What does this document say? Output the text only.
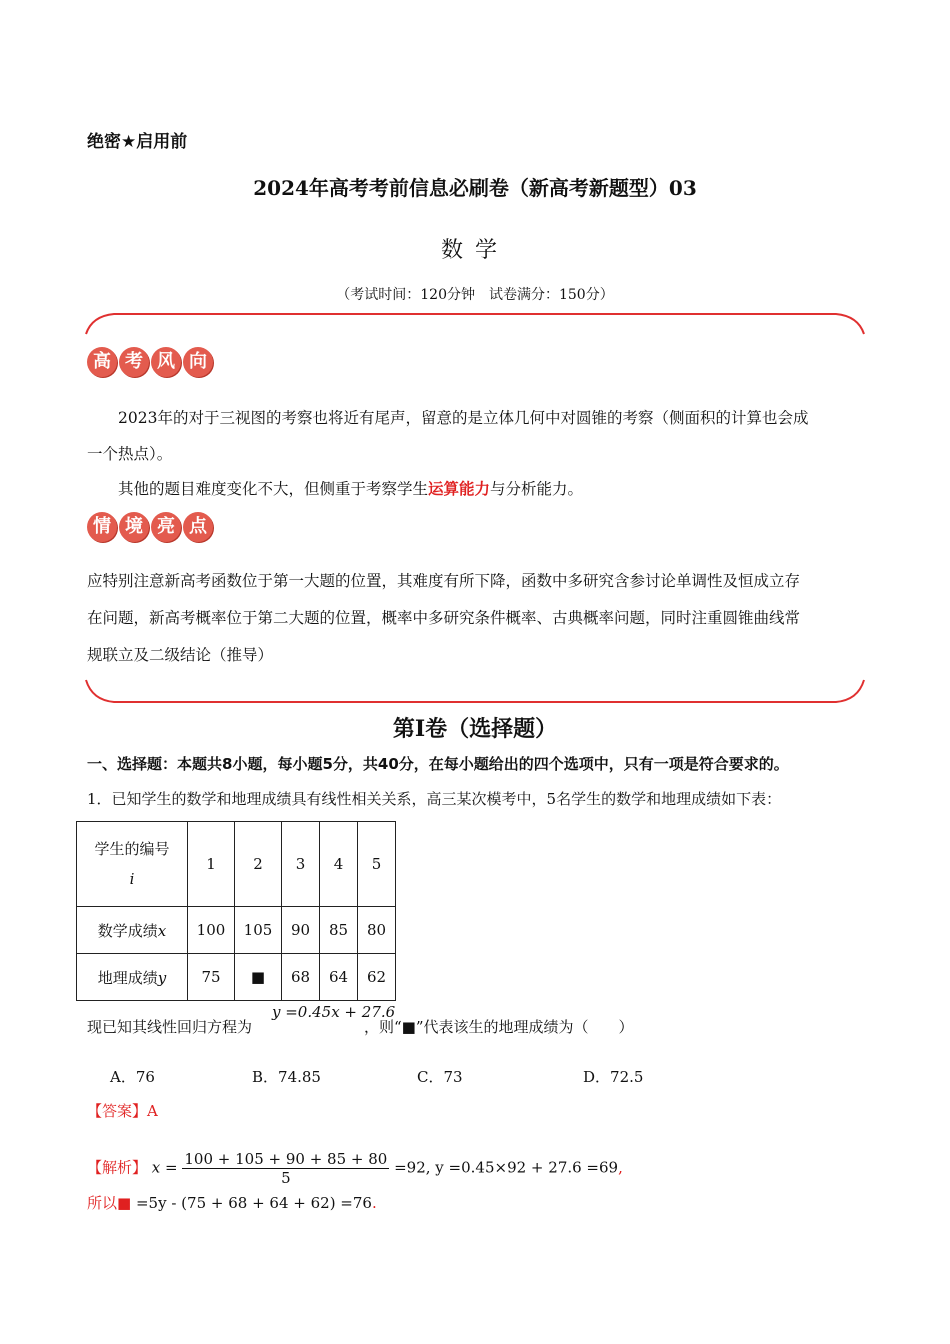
绝密★启用前
2024年高考考前信息必刷卷（新高考新题型）03
数学
（考试时间：120分钟　试卷满分：150分）
高 考 风 向
2023年的对于三视图的考察也将近有尾声，留意的是立体几何中对圆锥的考察（侧面积的计算也会成
一个热点）。
其他的题目难度变化不大，但侧重于考察学生运算能力与分析能力。
情 境 亮 点
应特别注意新高考函数位于第一大题的位置，其难度有所下降，函数中多研究含参讨论单调性及恒成立存
在问题，新高考概率位于第二大题的位置，概率中多研究条件概率、古典概率问题，同时注重圆锥曲线常
规联立及二级结论（推导）
第I卷（选择题）
一、选择题：本题共8小题，每小题5分，共40分，在每小题给出的四个选项中，只有一项是符合要求的。
1．已知学生的数学和地理成绩具有线性相关关系，高三某次模考中，5名学生的数学和地理成绩如下表：
学生的编号
i	1	2	3	4	5
数学成绩x	100	105	90	85	80
地理成绩y	75	■	68	64	62
y =0.45x + 27.6
现已知其线性回归方程为	，则“■”代表该生的地理成绩为（　　）
A．76	B．74.85	C．73	D．72.5
【答案】A
【解析】 $x = \frac{100 + 105 + 90 + 85 + 80}{5} =92$, y =0.45×92 + 27.6 =69,
所以■ =5y - (75 + 68 + 64 + 62) =76.
